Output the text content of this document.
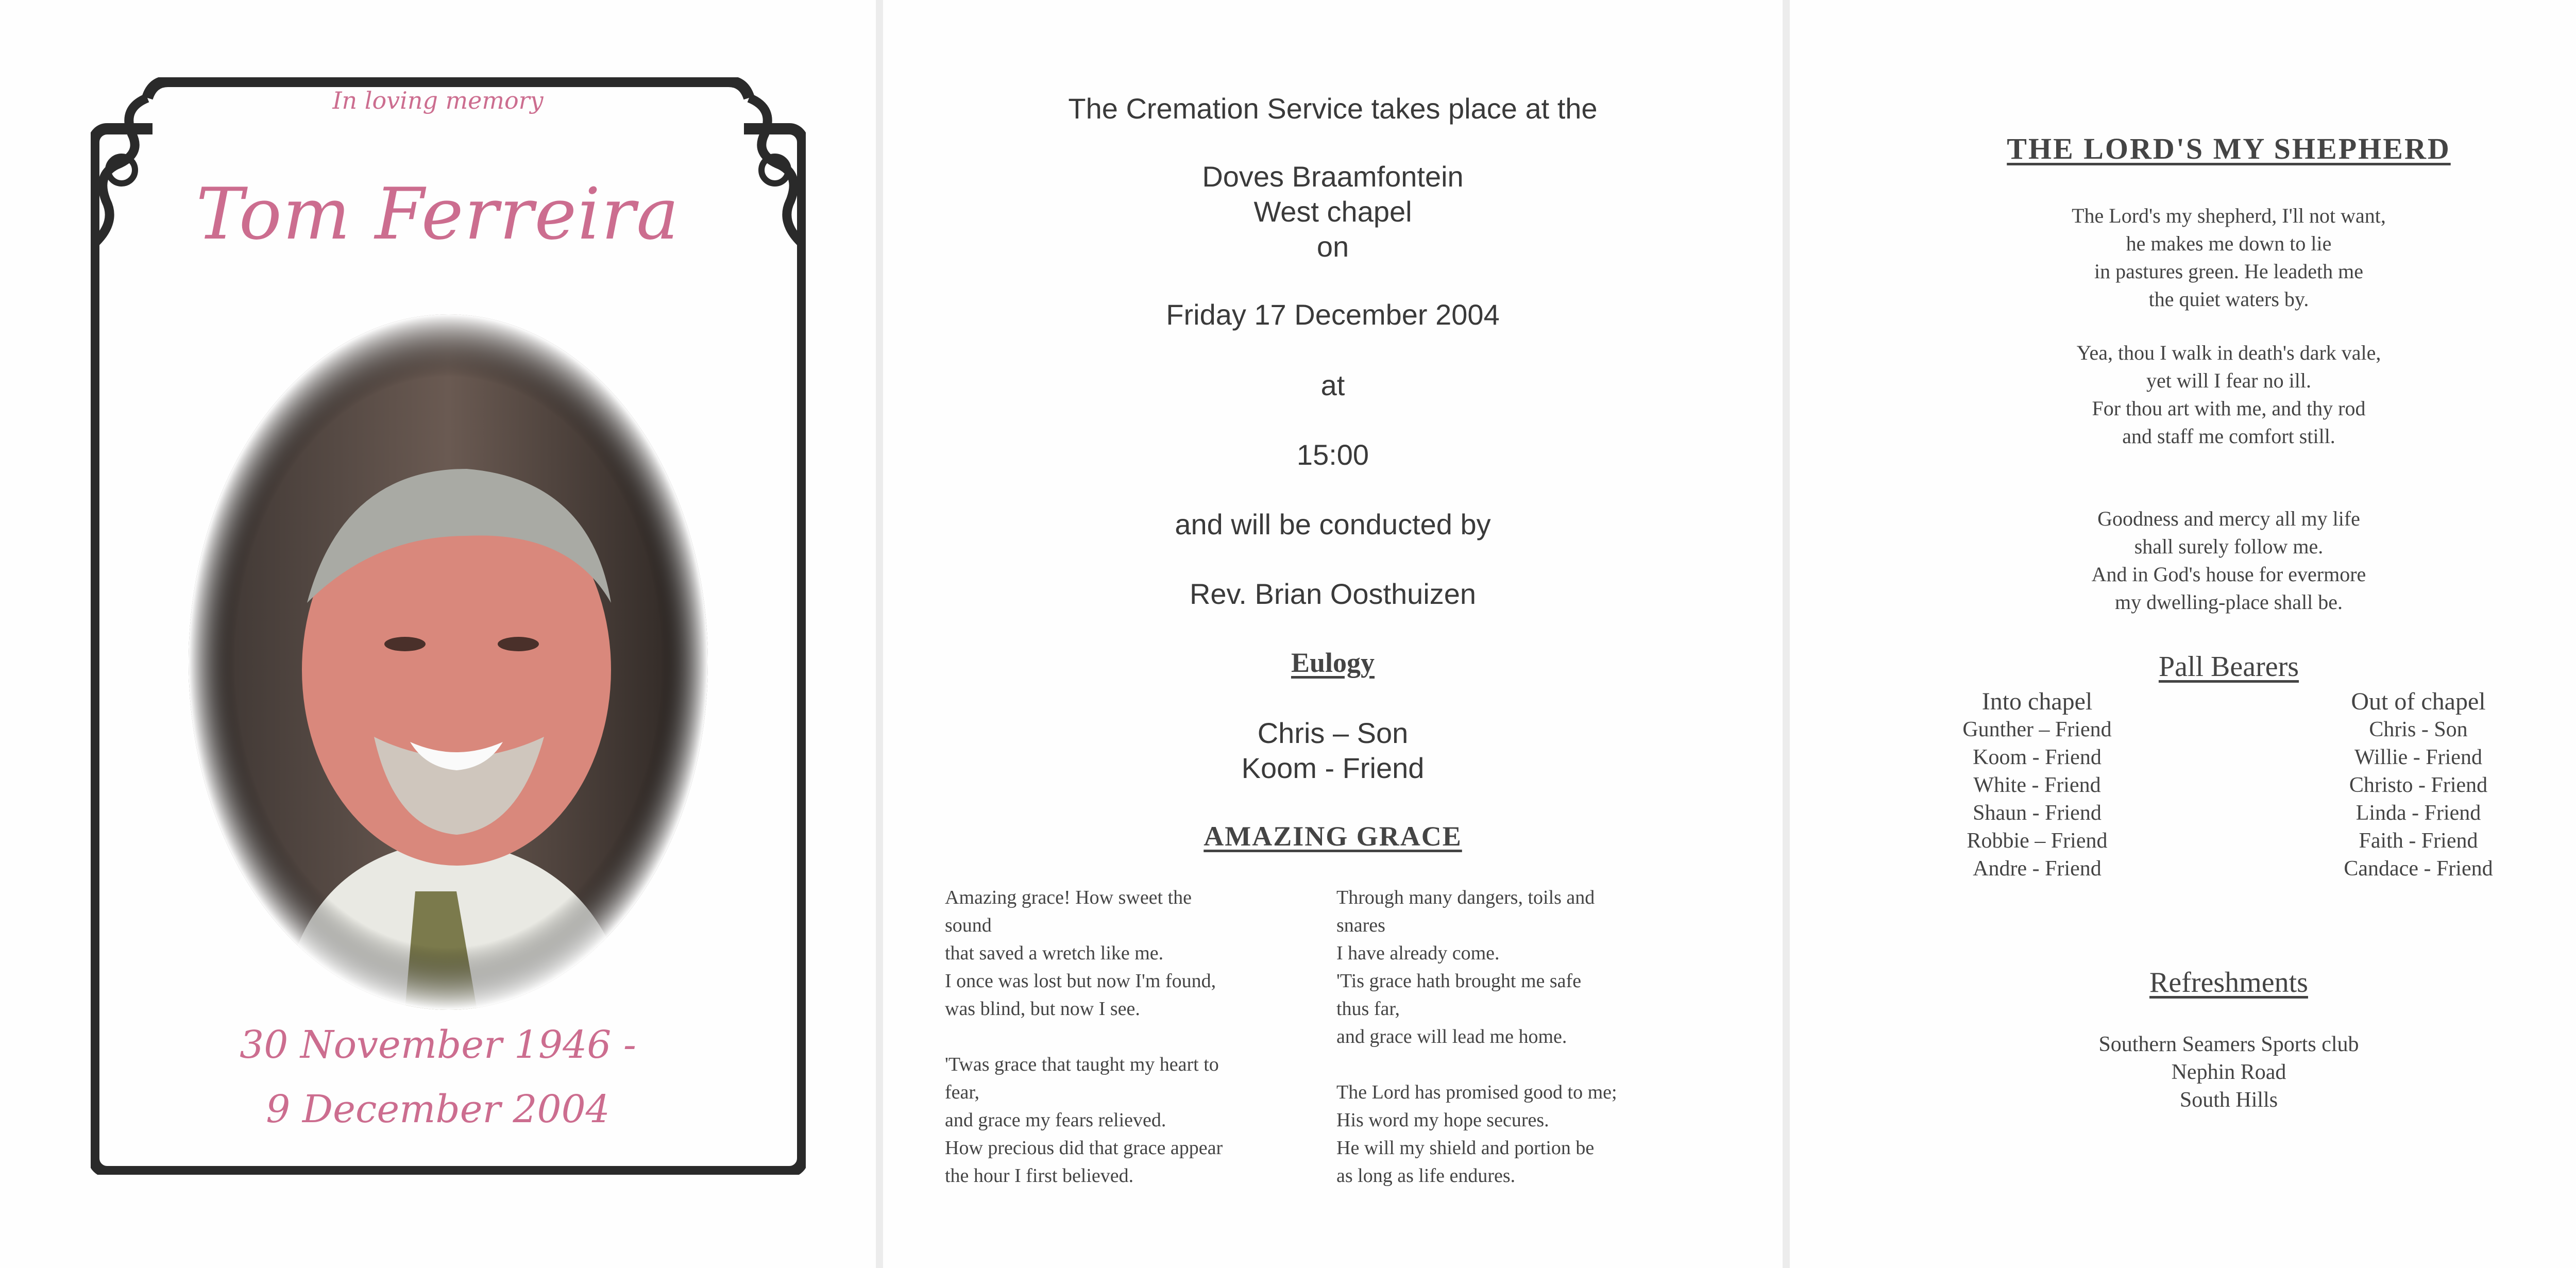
In loving memory
Tom Ferreira
30 November 1946 -
9 December 2004
The Cremation Service takes place at the
Doves Braamfontein
West chapel
on
Friday 17 December 2004
at
15:00
and will be conducted by
Rev. Brian Oosthuizen
Eulogy
Chris – Son
Koom - Friend
AMAZING GRACE
Amazing grace! How sweet the
sound
that saved a wretch like me.
I once was lost but now I'm found,
was blind, but now I see.
'Twas grace that taught my heart to
fear,
and grace my fears relieved.
How precious did that grace appear
the hour I first believed.
Through many dangers, toils and
snares
I have already come.
'Tis grace hath brought me safe
thus far,
and grace will lead me home.
The Lord has promised good to me;
His word my hope secures.
He will my shield and portion be
as long as life endures.
THE LORD'S MY SHEPHERD
The Lord's my shepherd, I'll not want,
he makes me down to lie
in pastures green. He leadeth me
the quiet waters by.
Yea, thou I walk in death's dark vale,
yet will I fear no ill.
For thou art with me, and thy rod
and staff me comfort still.
Goodness and mercy all my life
shall surely follow me.
And in God's house for evermore
my dwelling-place shall be.
Pall Bearers
Into chapel
Gunther – Friend
Koom - Friend
White - Friend
Shaun - Friend
Robbie – Friend
Andre - Friend
Out of chapel
Chris - Son
Willie - Friend
Christo - Friend
Linda - Friend
Faith - Friend
Candace - Friend
Refreshments
Southern Seamers Sports club
Nephin Road
South Hills
